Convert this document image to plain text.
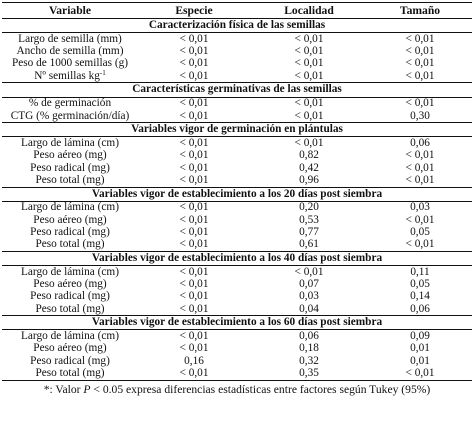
Variable	Especie	Localidad	Tamaño
Caracterización física de las semillas			
Largo de semilla (mm)	< 0,01	< 0,01	< 0,01
Ancho de semilla (mm)	< 0,01	< 0,01	< 0,01
Peso de 1000 semillas (g)	< 0,01	< 0,01	< 0,01
Nº semillas $kg^{-1}$	< 0,01	< 0,01	< 0,01
Características germinativas de las semillas			
% de germinación	< 0,01	< 0,01	< 0,01
CTG (% germinación/día)	< 0,01	< 0,01	0,30
Variables vigor de germinación en plántulas			
Largo de lámina (cm)	< 0,01	< 0,01	0,06
Peso aéreo (mg)	< 0,01	0,82	< 0,01
Peso radical (mg)	< 0,01	0,42	< 0,01
Peso total (mg)	< 0,01	0,96	< 0,01
Variables vigor de establecimiento a los 20 días post siembra			
Largo de lámina (cm)	< 0,01	0,20	0,03
Peso aéreo (mg)	< 0,01	0,53	< 0,01
Peso radical (mg)	< 0,01	0,77	0,05
Peso total (mg)	< 0,01	0,61	< 0,01
Variables vigor de establecimiento a los 40 días post siembra			
Largo de lámina (cm)	< 0,01	< 0,01	0,11
Peso aéreo (mg)	< 0,01	0,07	0,05
Peso radical (mg)	< 0,01	0,03	0,14
Peso total (mg)	< 0,01	0,04	0,06
Variables vigor de establecimiento a los 60 días post siembra			
Largo de lámina (cm)	< 0,01	0,06	0,09
Peso aéreo (mg)	< 0,01	0,18	0,01
Peso radical (mg)	0,16	0,32	0,01
Peso total (mg)	< 0,01	0,35	< 0,01
*: Valor P < 0.05 expresa diferencias estadísticas entre factores según Tukey (95%)
